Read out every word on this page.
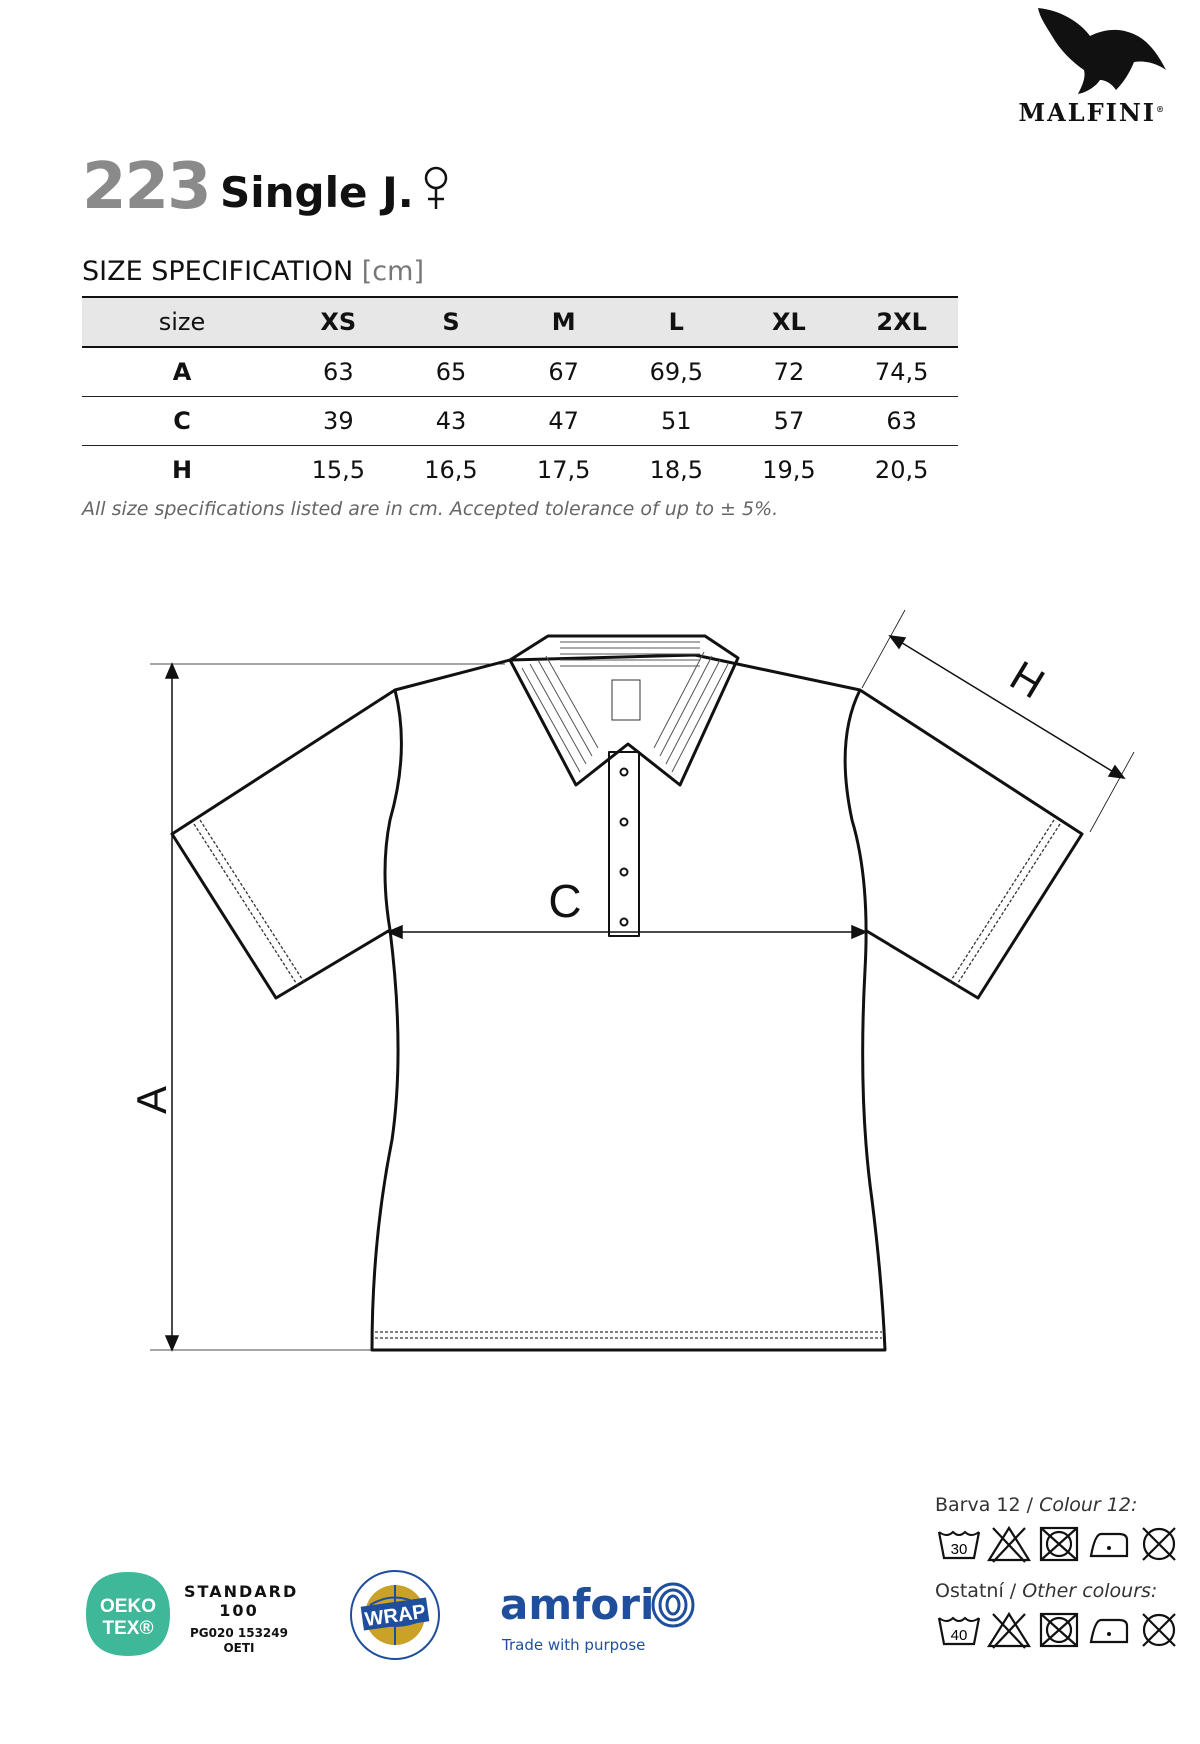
MALFINI®
223 Single J.
SIZE SPECIFICATION [cm]
size	XS	S	M	L	XL	2XL
A	63	65	67	69,5	72	74,5
C	39	43	47	51	57	63
H	15,5	16,5	17,5	18,5	19,5	20,5
All size specifications listed are in cm. Accepted tolerance of up to ± 5%.
A
C
H
Barva 12 / Colour 12:
30
Ostatní / Other colours:
40
OEKO
TEX®
STANDARD
100
PG020 153249
OETI
WRAP amfori
Trade with purpose
